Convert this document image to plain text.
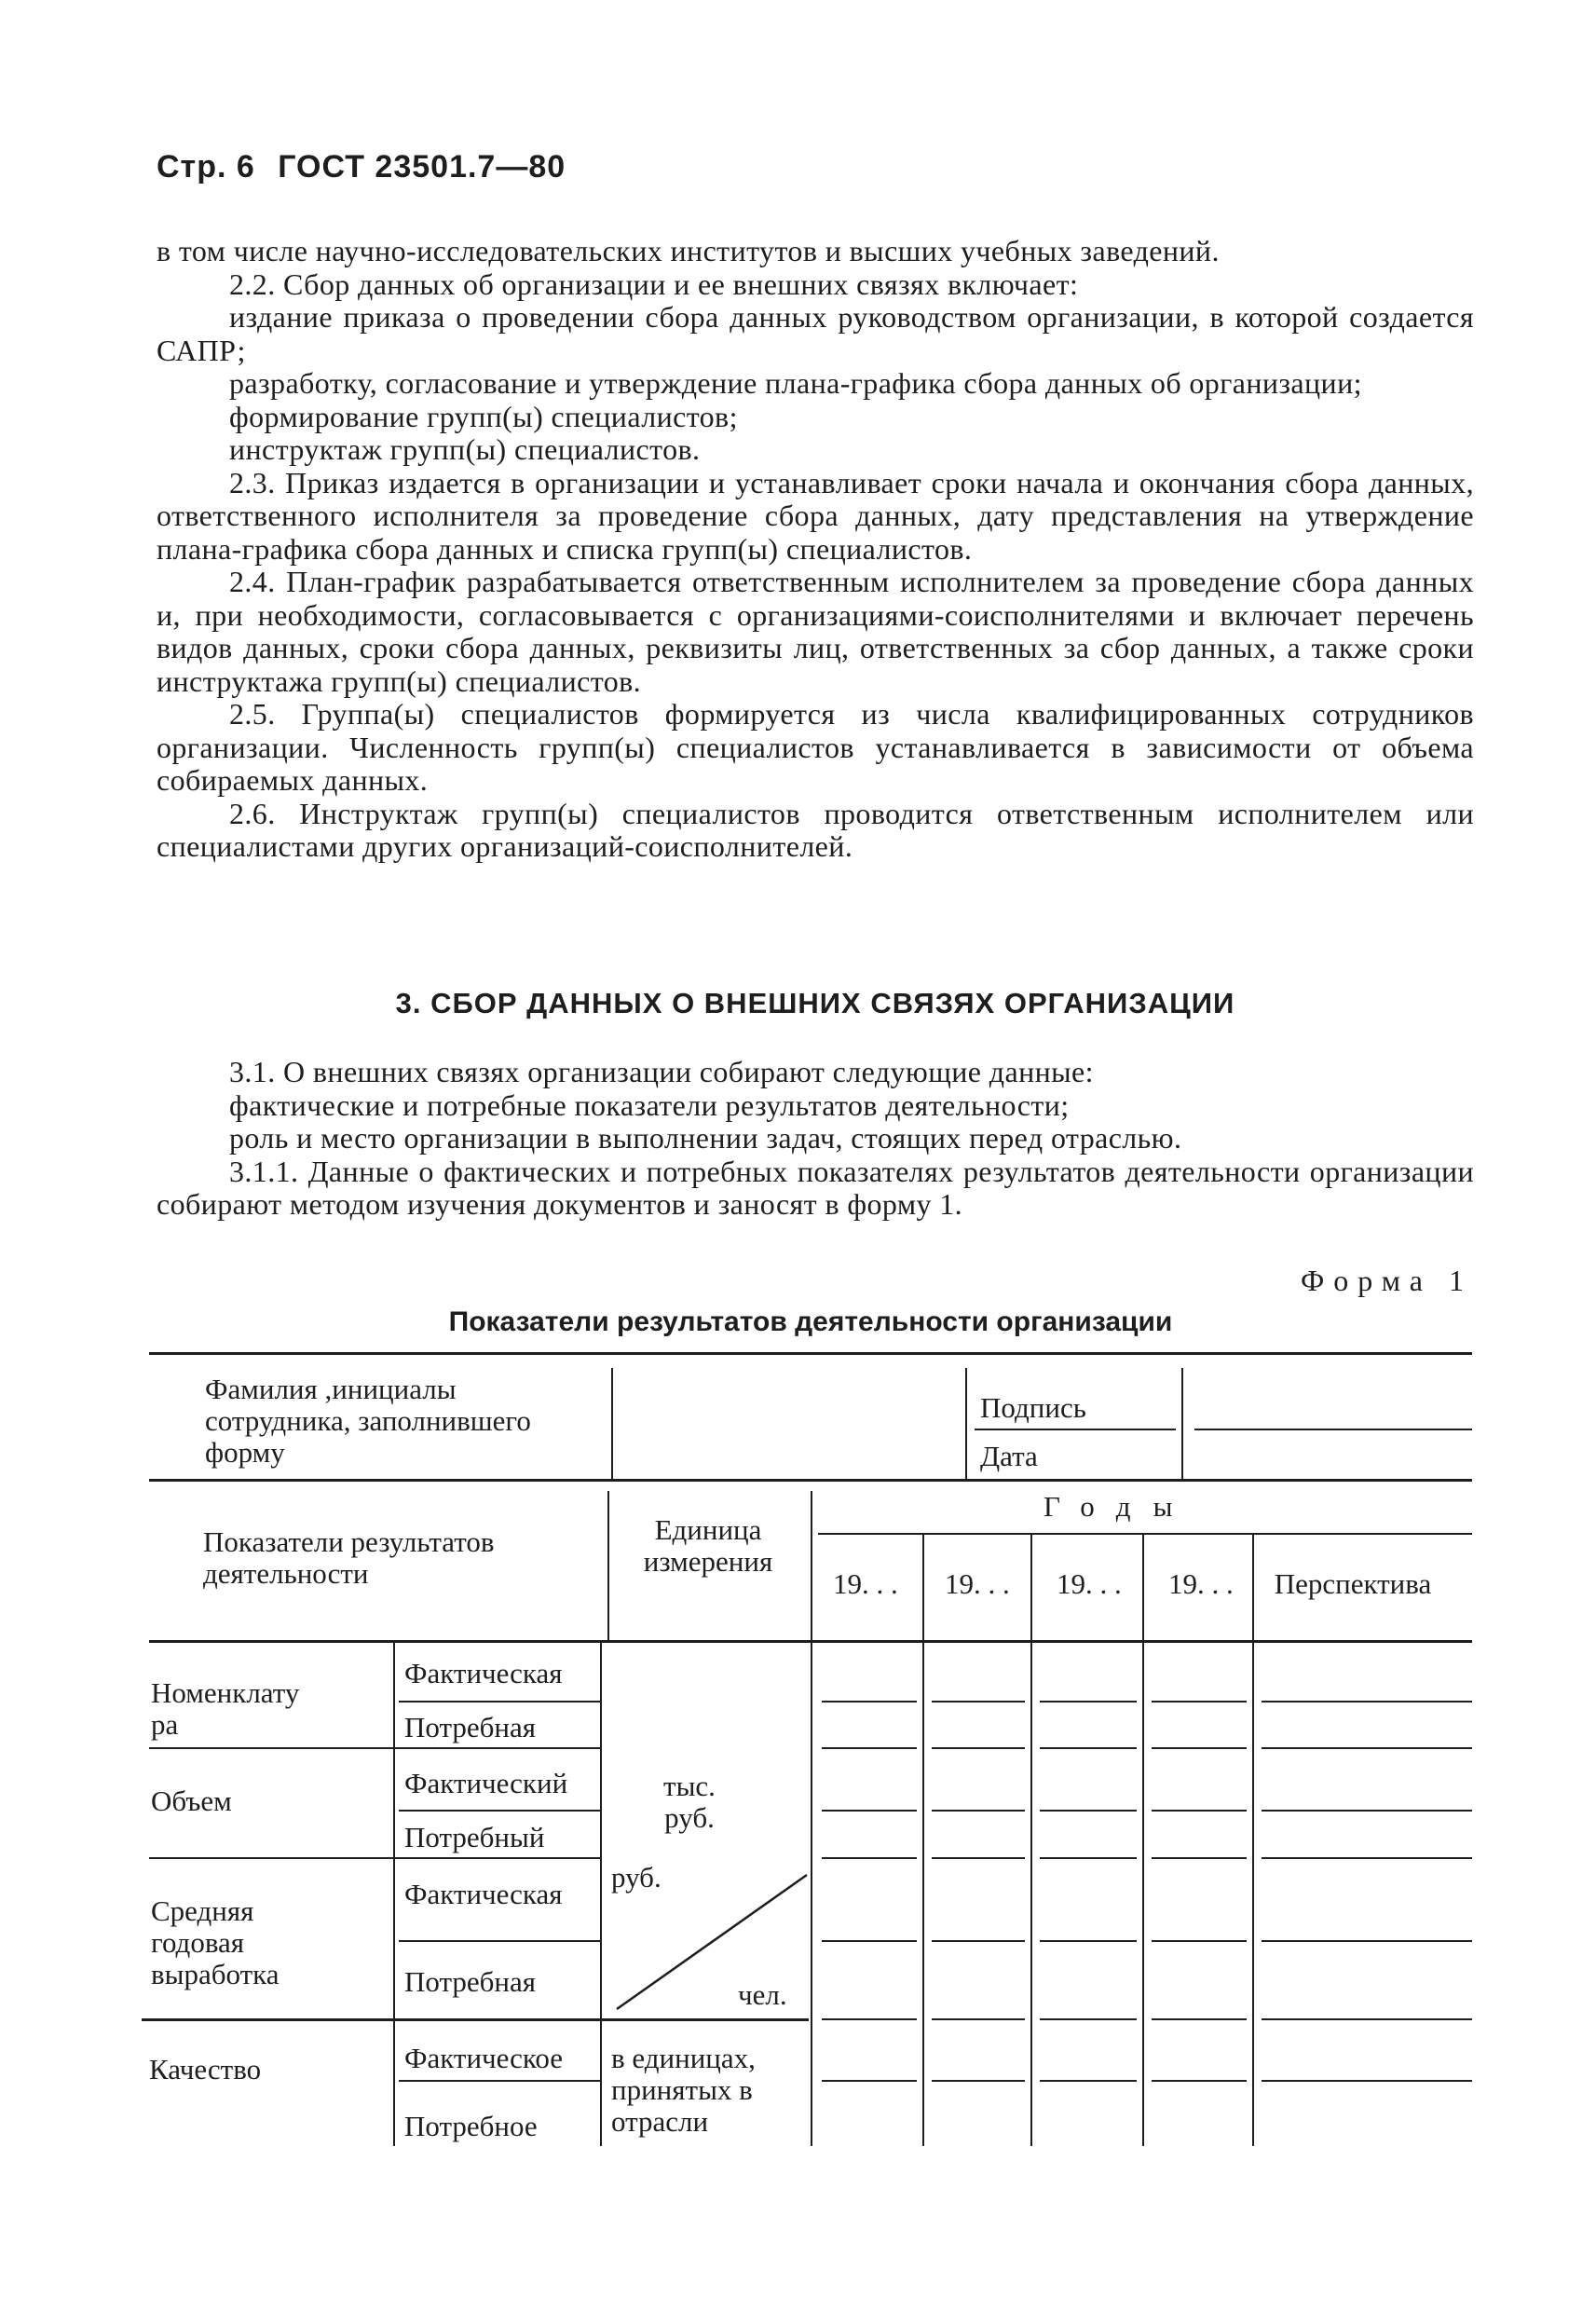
Стр. 6 ГОСТ 23501.7—80

в том числе научно-исследовательских институтов и высших учебных заведений.

2.2. Сбор данных об организации и ее внешних связях включает:

издание приказа о проведении сбора данных руководством организации, в которой создается САПР;

разработку, согласование и утверждение плана-графика сбора данных об организации;

формирование групп(ы) специалистов;

инструктаж групп(ы) специалистов.

2.3. Приказ издается в организации и устанавливает сроки начала и окончания сбора данных, ответственного исполнителя за проведение сбора данных, дату представления на утверждение плана-графика сбора данных и списка групп(ы) специалистов.

2.4. План-график разрабатывается ответственным исполнителем за проведение сбора данных и, при необходимости, согласовывается с организациями-соисполнителями и включает перечень видов данных, сроки сбора данных, реквизиты лиц, ответственных за сбор данных, а также сроки инструктажа групп(ы) специалистов.

2.5. Группа(ы) специалистов формируется из числа квалифицированных сотрудников организации. Численность групп(ы) специалистов устанавливается в зависимости от объема собираемых данных.

2.6. Инструктаж групп(ы) специалистов проводится ответственным исполнителем или специалистами других организаций-соисполнителей.

3. СБОР ДАННЫХ О ВНЕШНИХ СВЯЗЯХ ОРГАНИЗАЦИИ

3.1. О внешних связях организации собирают следующие данные:

фактические и потребные показатели результатов деятельности;

роль и место организации в выполнении задач, стоящих перед отраслью.

3.1.1. Данные о фактических и потребных показателях результатов деятельности организации собирают методом изучения документов и заносят в форму 1.

Форма 1
Показатели результатов деятельности организации
Фамилия ,инициалы сотрудника, заполнившего форму
Подпись
Дата
Показатели результатов деятельности
Единица измерения
Годы
19. . . 19. . . 19. . . 19. . .	Перспектива
Номенклатура
Фактическая
Потребная
Объем
Фактический
Потребный
тыс. руб.
Средняя годовая выработка
Фактическая
Потребная
руб.
чел.
Качество	Фактическое
Потребное
в единицах, принятых в отрасли
